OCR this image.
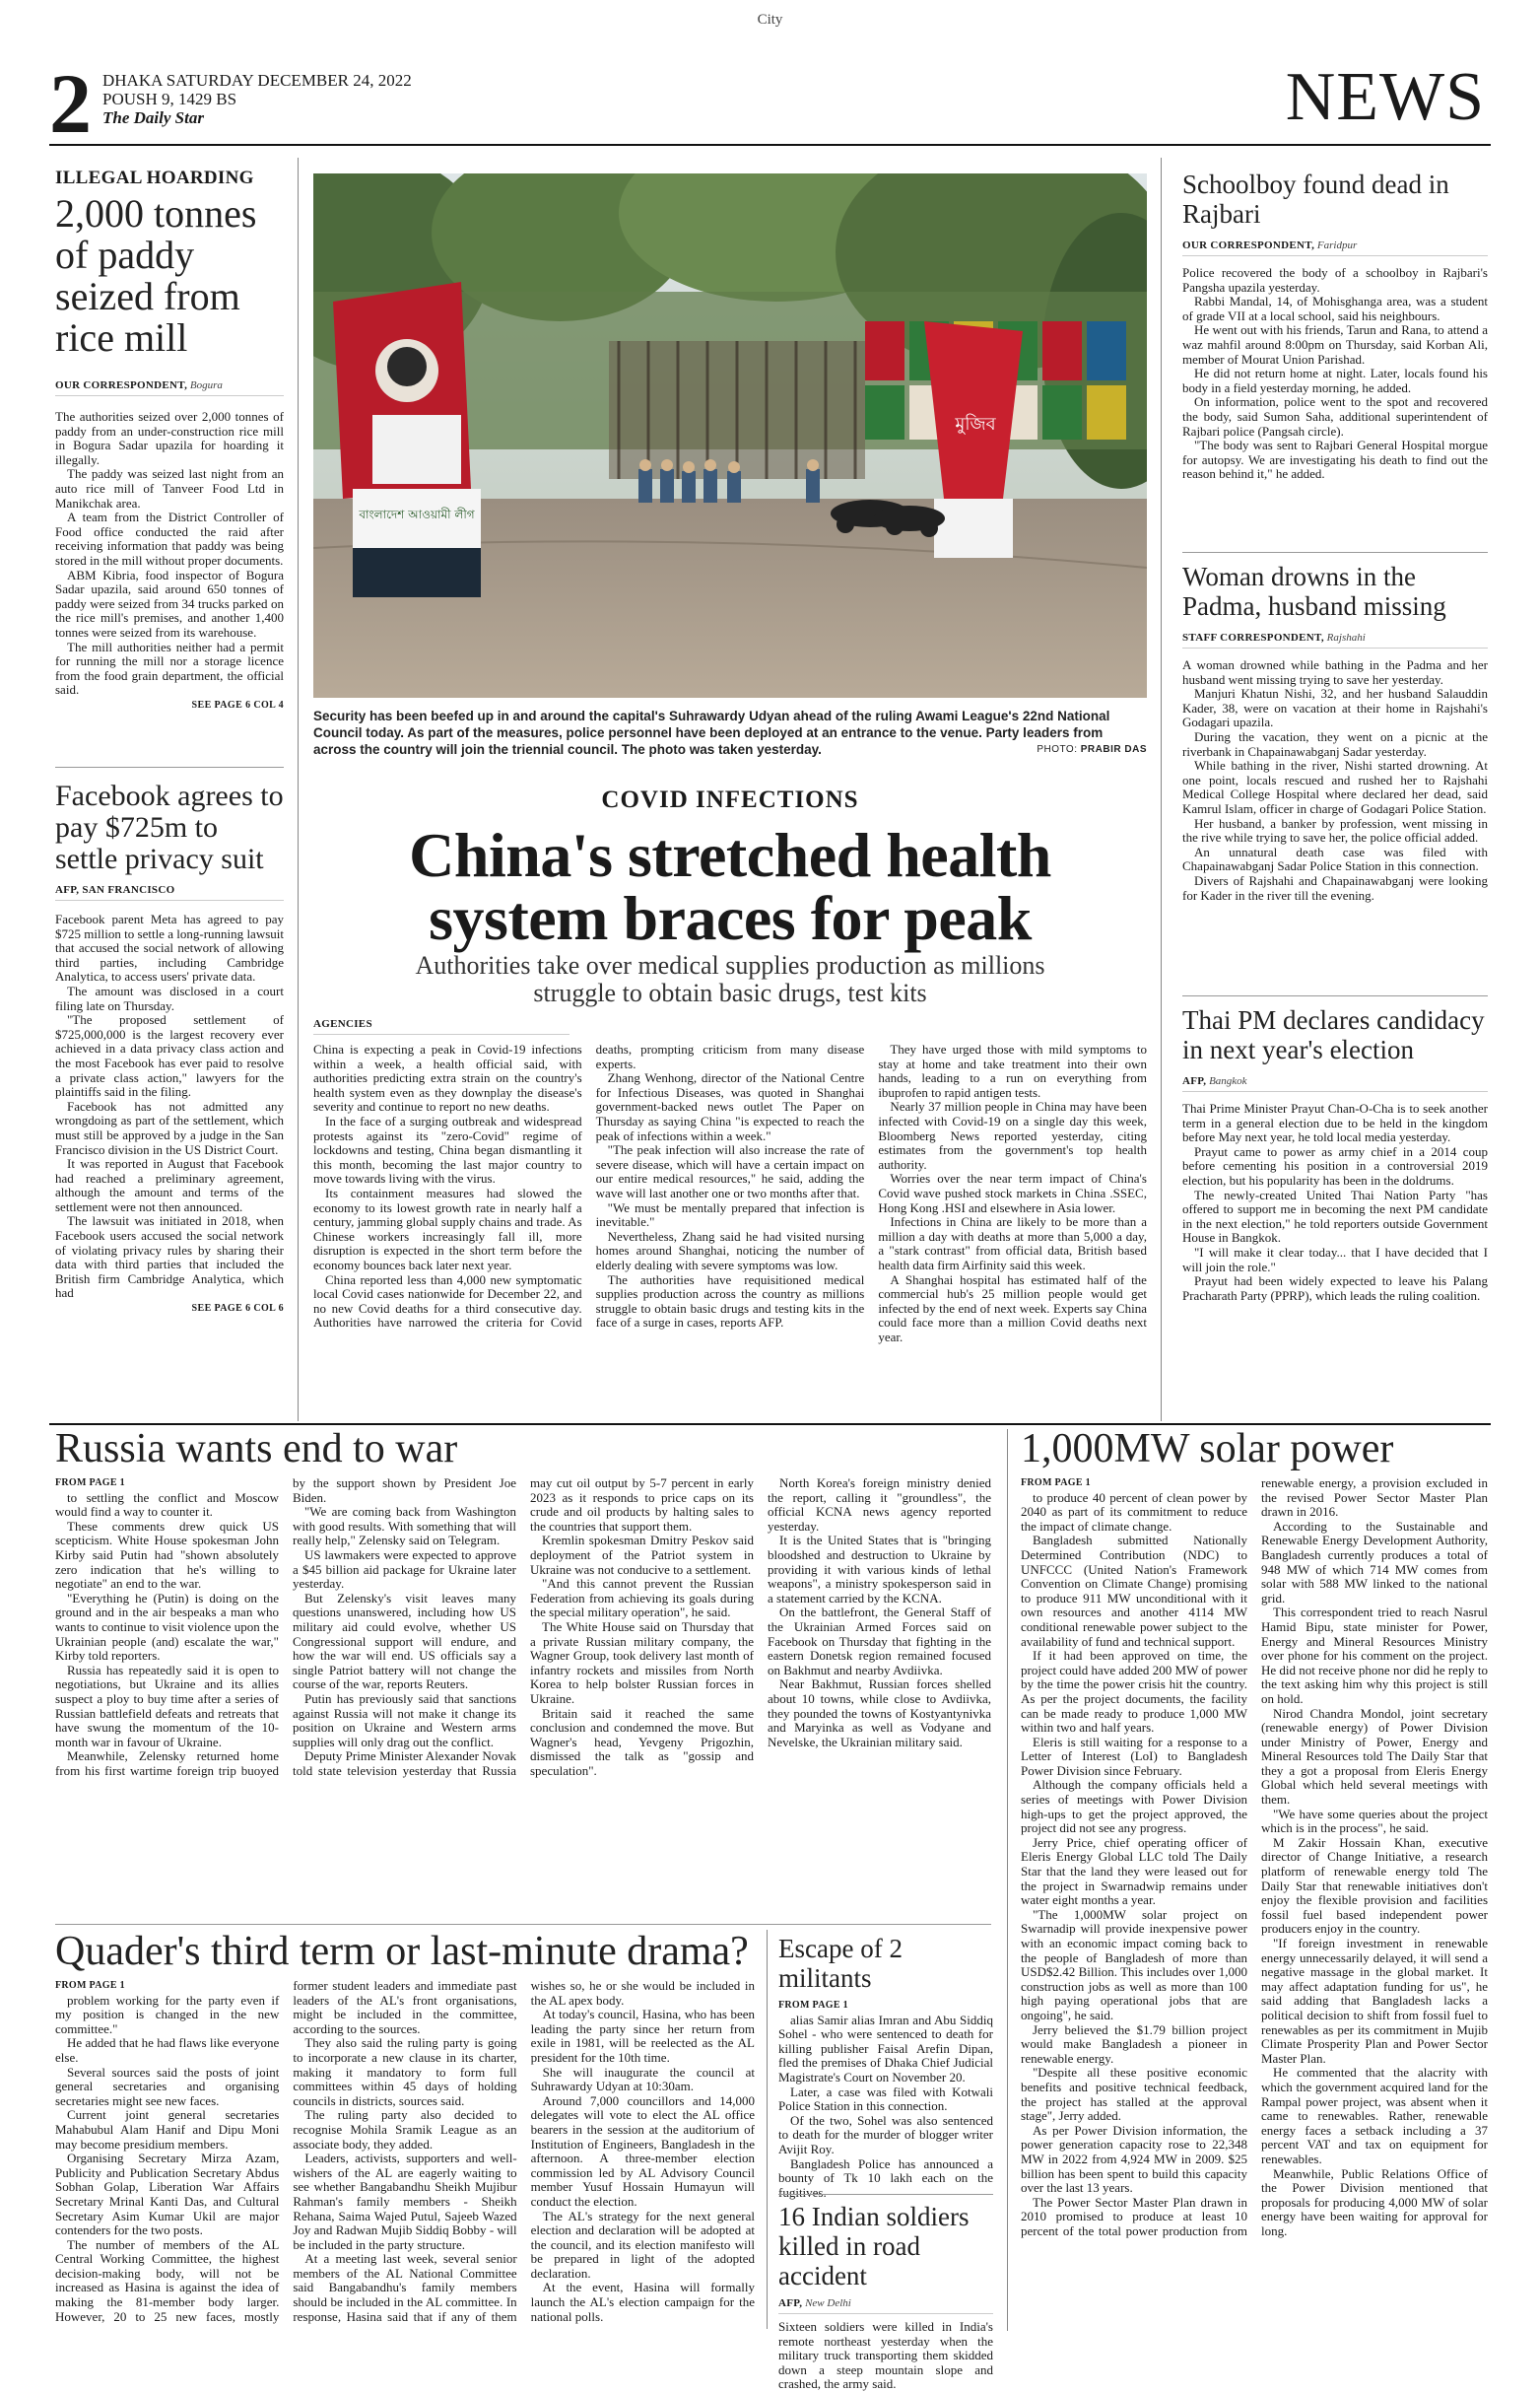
City
2 DHAKA SATURDAY DECEMBER 24, 2022
POUSH 9, 1429 BS
The Daily Star	NEWS
ILLEGAL HOARDING
2,000 tonnes of paddy seized from rice mill
OUR CORRESPONDENT, Bogura

The authorities seized over 2,000 tonnes of paddy from an under-construction rice mill in Bogura Sadar upazila for hoarding it illegally.

The paddy was seized last night from an auto rice mill of Tanveer Food Ltd in Manikchak area.

A team from the District Controller of Food office conducted the raid after receiving information that paddy was being stored in the mill without proper documents.

ABM Kibria, food inspector of Bogura Sadar upazila, said around 650 tonnes of paddy were seized from 34 trucks parked on the rice mill's premises, and another 1,400 tonnes were seized from its warehouse.

The mill authorities neither had a permit for running the mill nor a storage licence from the food grain department, the official said.

SEE PAGE 6 COL 4
Facebook agrees to pay $725m to settle privacy suit
AFP, SAN FRANCISCO

Facebook parent Meta has agreed to pay $725 million to settle a long-running lawsuit that accused the social network of allowing third parties, including Cambridge Analytica, to access users' private data.

The amount was disclosed in a court filing late on Thursday.

"The proposed settlement of $725,000,000 is the largest recovery ever achieved in a data privacy class action and the most Facebook has ever paid to resolve a private class action," lawyers for the plaintiffs said in the filing.

Facebook has not admitted any wrongdoing as part of the settlement, which must still be approved by a judge in the San Francisco division in the US District Court.

It was reported in August that Facebook had reached a preliminary agreement, although the amount and terms of the settlement were not then announced.

The lawsuit was initiated in 2018, when Facebook users accused the social network of violating privacy rules by sharing their data with third parties that included the British firm Cambridge Analytica, which had

SEE PAGE 6 COL 6
বাংলাদেশ আওয়ামী লীগ
মুজিব
Security has been beefed up in and around the capital's Suhrawardy Udyan ahead of the ruling Awami League's 22nd National Council today. As part of the measures, police personnel have been deployed at an entrance to the venue. Party leaders from across the country will join the triennial council. The photo was taken yesterday.	PHOTO: PRABIR DAS
COVID INFECTIONS
China's stretched health system braces for peak
Authorities take over medical supplies production as millions struggle to obtain basic drugs, test kits
AGENCIES

China is expecting a peak in Covid-19 infections within a week, a health official said, with authorities predicting extra strain on the country's health system even as they downplay the disease's severity and continue to report no new deaths.

In the face of a surging outbreak and widespread protests against its "zero-Covid" regime of lockdowns and testing, China began dismantling it this month, becoming the last major country to move towards living with the virus.

Its containment measures had slowed the economy to its lowest growth rate in nearly half a century, jamming global supply chains and trade. As Chinese workers increasingly fall ill, more disruption is expected in the short term before the economy bounces back later next year.

China reported less than 4,000 new symptomatic local Covid cases nationwide for December 22, and no new Covid deaths for a third consecutive day. Authorities have narrowed the criteria for Covid deaths, prompting criticism from many disease experts.

Zhang Wenhong, director of the National Centre for Infectious Diseases, was quoted in Shanghai government-backed news outlet The Paper on Thursday as saying China "is expected to reach the peak of infections within a week."

"The peak infection will also increase the rate of severe disease, which will have a certain impact on our entire medical resources," he said, adding the wave will last another one or two months after that.

"We must be mentally prepared that infection is inevitable."

Nevertheless, Zhang said he had visited nursing homes around Shanghai, noticing the number of elderly dealing with severe symptoms was low.

The authorities have requisitioned medical supplies production across the country as millions struggle to obtain basic drugs and testing kits in the face of a surge in cases, reports AFP.

They have urged those with mild symptoms to stay at home and take treatment into their own hands, leading to a run on everything from ibuprofen to rapid antigen tests.

Nearly 37 million people in China may have been infected with Covid-19 on a single day this week, Bloomberg News reported yesterday, citing estimates from the government's top health authority.

Worries over the near term impact of China's Covid wave pushed stock markets in China .SSEC, Hong Kong .HSI and elsewhere in Asia lower.

Infections in China are likely to be more than a million a day with deaths at more than 5,000 a day, a "stark contrast" from official data, British based health data firm Airfinity said this week.

A Shanghai hospital has estimated half of the commercial hub's 25 million people would get infected by the end of next week. Experts say China could face more than a million Covid deaths next year.

Schoolboy found dead in Rajbari
OUR CORRESPONDENT, Faridpur

Police recovered the body of a schoolboy in Rajbari's Pangsha upazila yesterday.

Rabbi Mandal, 14, of Mohisghanga area, was a student of grade VII at a local school, said his neighbours.

He went out with his friends, Tarun and Rana, to attend a waz mahfil around 8:00pm on Thursday, said Korban Ali, member of Mourat Union Parishad.

He did not return home at night. Later, locals found his body in a field yesterday morning, he added.

On information, police went to the spot and recovered the body, said Sumon Saha, additional superintendent of Rajbari police (Pangsah circle).

"The body was sent to Rajbari General Hospital morgue for autopsy. We are investigating his death to find out the reason behind it," he added.

Woman drowns in the Padma, husband missing
STAFF CORRESPONDENT, Rajshahi

A woman drowned while bathing in the Padma and her husband went missing trying to save her yesterday.

Manjuri Khatun Nishi, 32, and her husband Salauddin Kader, 38, were on vacation at their home in Rajshahi's Godagari upazila.

During the vacation, they went on a picnic at the riverbank in Chapainawabganj Sadar yesterday.

While bathing in the river, Nishi started drowning. At one point, locals rescued and rushed her to Rajshahi Medical College Hospital where declared her dead, said Kamrul Islam, officer in charge of Godagari Police Station.

Her husband, a banker by profession, went missing in the rive while trying to save her, the police official added.

An unnatural death case was filed with Chapainawabganj Sadar Police Station in this connection.

Divers of Rajshahi and Chapainawabganj were looking for Kader in the river till the evening.

Thai PM declares candidacy in next year's election
AFP, Bangkok

Thai Prime Minister Prayut Chan-O-Cha is to seek another term in a general election due to be held in the kingdom before May next year, he told local media yesterday.

Prayut came to power as army chief in a 2014 coup before cementing his position in a controversial 2019 election, but his popularity has been in the doldrums.

The newly-created United Thai Nation Party "has offered to support me in becoming the next PM candidate in the next election," he told reporters outside Government House in Bangkok.

"I will make it clear today... that I have decided that I will join the role."

Prayut had been widely expected to leave his Palang Pracharath Party (PPRP), which leads the ruling coalition.

Russia wants end to war
FROM PAGE 1

to settling the conflict and Moscow would find a way to counter it.

These comments drew quick US scepticism. White House spokesman John Kirby said Putin had "shown absolutely zero indication that he's willing to negotiate" an end to the war.

"Everything he (Putin) is doing on the ground and in the air bespeaks a man who wants to continue to visit violence upon the Ukrainian people (and) escalate the war," Kirby told reporters.

Russia has repeatedly said it is open to negotiations, but Ukraine and its allies suspect a ploy to buy time after a series of Russian battlefield defeats and retreats that have swung the momentum of the 10-month war in favour of Ukraine.

Meanwhile, Zelensky returned home from his first wartime foreign trip buoyed by the support shown by President Joe Biden.

"We are coming back from Washington with good results. With something that will really help," Zelensky said on Telegram.

US lawmakers were expected to approve a $45 billion aid package for Ukraine later yesterday.

But Zelensky's visit leaves many questions unanswered, including how US military aid could evolve, whether US Congressional support will endure, and how the war will end. US officials say a single Patriot battery will not change the course of the war, reports Reuters.

Putin has previously said that sanctions against Russia will not make it change its position on Ukraine and Western arms supplies will only drag out the conflict.

Deputy Prime Minister Alexander Novak told state television yesterday that Russia may cut oil output by 5-7 percent in early 2023 as it responds to price caps on its crude and oil products by halting sales to the countries that support them.

Kremlin spokesman Dmitry Peskov said deployment of the Patriot system in Ukraine was not conducive to a settlement.

"And this cannot prevent the Russian Federation from achieving its goals during the special military operation", he said.

The White House said on Thursday that a private Russian military company, the Wagner Group, took delivery last month of infantry rockets and missiles from North Korea to help bolster Russian forces in Ukraine.

Britain said it reached the same conclusion and condemned the move. But Wagner's head, Yevgeny Prigozhin, dismissed the talk as "gossip and speculation".

North Korea's foreign ministry denied the report, calling it "groundless", the official KCNA news agency reported yesterday.

It is the United States that is "bringing bloodshed and destruction to Ukraine by providing it with various kinds of lethal weapons", a ministry spokesperson said in a statement carried by the KCNA.

On the battlefront, the General Staff of the Ukrainian Armed Forces said on Facebook on Thursday that fighting in the eastern Donetsk region remained focused on Bakhmut and nearby Avdiivka.

Near Bakhmut, Russian forces shelled about 10 towns, while close to Avdiivka, they pounded the towns of Kostyantynivka and Maryinka as well as Vodyane and Nevelske, the Ukrainian military said.

Quader's third term or last-minute drama?
FROM PAGE 1

problem working for the party even if my position is changed in the new committee."

He added that he had flaws like everyone else.

Several sources said the posts of joint general secretaries and organising secretaries might see new faces.

Current joint general secretaries Mahabubul Alam Hanif and Dipu Moni may become presidium members.

Organising Secretary Mirza Azam, Publicity and Publication Secretary Abdus Sobhan Golap, Liberation War Affairs Secretary Mrinal Kanti Das, and Cultural Secretary Asim Kumar Ukil are major contenders for the two posts.

The number of members of the AL Central Working Committee, the highest decision-making body, will not be increased as Hasina is against the idea of making the 81-member body larger. However, 20 to 25 new faces, mostly former student leaders and immediate past leaders of the AL's front organisations, might be included in the committee, according to the sources.

They also said the ruling party is going to incorporate a new clause in its charter, making it mandatory to form full committees within 45 days of holding councils in districts, sources said.

The ruling party also decided to recognise Mohila Sramik League as an associate body, they added.

Leaders, activists, supporters and well-wishers of the AL are eagerly waiting to see whether Bangabandhu Sheikh Mujibur Rahman's family members - Sheikh Rehana, Saima Wajed Putul, Sajeeb Wazed Joy and Radwan Mujib Siddiq Bobby - will be included in the party structure.

At a meeting last week, several senior members of the AL National Committee said Bangabandhu's family members should be included in the AL committee. In response, Hasina said that if any of them wishes so, he or she would be included in the AL apex body.

At today's council, Hasina, who has been leading the party since her return from exile in 1981, will be reelected as the AL president for the 10th time.

She will inaugurate the council at Suhrawardy Udyan at 10:30am.

Around 7,000 councillors and 14,000 delegates will vote to elect the AL office bearers in the session at the auditorium of Institution of Engineers, Bangladesh in the afternoon. A three-member election commission led by AL Advisory Council member Yusuf Hossain Humayun will conduct the election.

The AL's strategy for the next general election and declaration will be adopted at the council, and its election manifesto will be prepared in light of the adopted declaration.

At the event, Hasina will formally launch the AL's election campaign for the national polls.

Escape of 2 militants
FROM PAGE 1

alias Samir alias Imran and Abu Siddiq Sohel - who were sentenced to death for killing publisher Faisal Arefin Dipan, fled the premises of Dhaka Chief Judicial Magistrate's Court on November 20.

Later, a case was filed with Kotwali Police Station in this connection.

Of the two, Sohel was also sentenced to death for the murder of blogger writer Avijit Roy.

Bangladesh Police has announced a bounty of Tk 10 lakh each on the fugitives.

16 Indian soldiers killed in road accident
AFP, New Delhi

Sixteen soldiers were killed in India's remote northeast yesterday when the military truck transporting them skidded down a steep mountain slope and crashed, the army said.

1,000MW solar power
FROM PAGE 1

to produce 40 percent of clean power by 2040 as part of its commitment to reduce the impact of climate change.

Bangladesh submitted Nationally Determined Contribution (NDC) to UNFCCC (United Nation's Framework Convention on Climate Change) promising to produce 911 MW unconditional with it own resources and another 4114 MW conditional renewable power subject to the availability of fund and technical support.

If it had been approved on time, the project could have added 200 MW of power by the time the power crisis hit the country. As per the project documents, the facility can be made ready to produce 1,000 MW within two and half years.

Eleris is still waiting for a response to a Letter of Interest (LoI) to Bangladesh Power Division since February.

Although the company officials held a series of meetings with Power Division high-ups to get the project approved, the project did not see any progress.

Jerry Price, chief operating officer of Eleris Energy Global LLC told The Daily Star that the land they were leased out for the project in Swarnadwip remains under water eight months a year.

"The 1,000MW solar project on Swarnadip will provide inexpensive power with an economic impact coming back to the people of Bangladesh of more than USD$2.42 Billion. This includes over 1,000 construction jobs as well as more than 100 high paying operational jobs that are ongoing", he said.

Jerry believed the $1.79 billion project would make Bangladesh a pioneer in renewable energy.

"Despite all these positive economic benefits and positive technical feedback, the project has stalled at the approval stage", Jerry added.

As per Power Division information, the power generation capacity rose to 22,348 MW in 2022 from 4,924 MW in 2009. $25 billion has been spent to build this capacity over the last 13 years.

The Power Sector Master Plan drawn in 2010 promised to produce at least 10 percent of the total power production from renewable energy, a provision excluded in the revised Power Sector Master Plan drawn in 2016.

According to the Sustainable and Renewable Energy Development Authority, Bangladesh currently produces a total of 948 MW of which 714 MW comes from solar with 588 MW linked to the national grid.

This correspondent tried to reach Nasrul Hamid Bipu, state minister for Power, Energy and Mineral Resources Ministry over phone for his comment on the project. He did not receive phone nor did he reply to the text asking him why this project is still on hold.

Nirod Chandra Mondol, joint secretary (renewable energy) of Power Division under Ministry of Power, Energy and Mineral Resources told The Daily Star that they a got a proposal from Eleris Energy Global which held several meetings with them.

"We have some queries about the project which is in the process", he said.

M Zakir Hossain Khan, executive director of Change Initiative, a research platform of renewable energy told The Daily Star that renewable initiatives don't enjoy the flexible provision and facilities fossil fuel based independent power producers enjoy in the country.

"If foreign investment in renewable energy unnecessarily delayed, it will send a negative massage in the global market. It may affect adaptation funding for us", he said adding that Bangladesh lacks a political decision to shift from fossil fuel to renewables as per its commitment in Mujib Climate Prosperity Plan and Power Sector Master Plan.

He commented that the alacrity with which the government acquired land for the Rampal power project, was absent when it came to renewables. Rather, renewable energy faces a setback including a 37 percent VAT and tax on equipment for renewables.

Meanwhile, Public Relations Office of the Power Division mentioned that proposals for producing 4,000 MW of solar energy have been waiting for approval for long.
